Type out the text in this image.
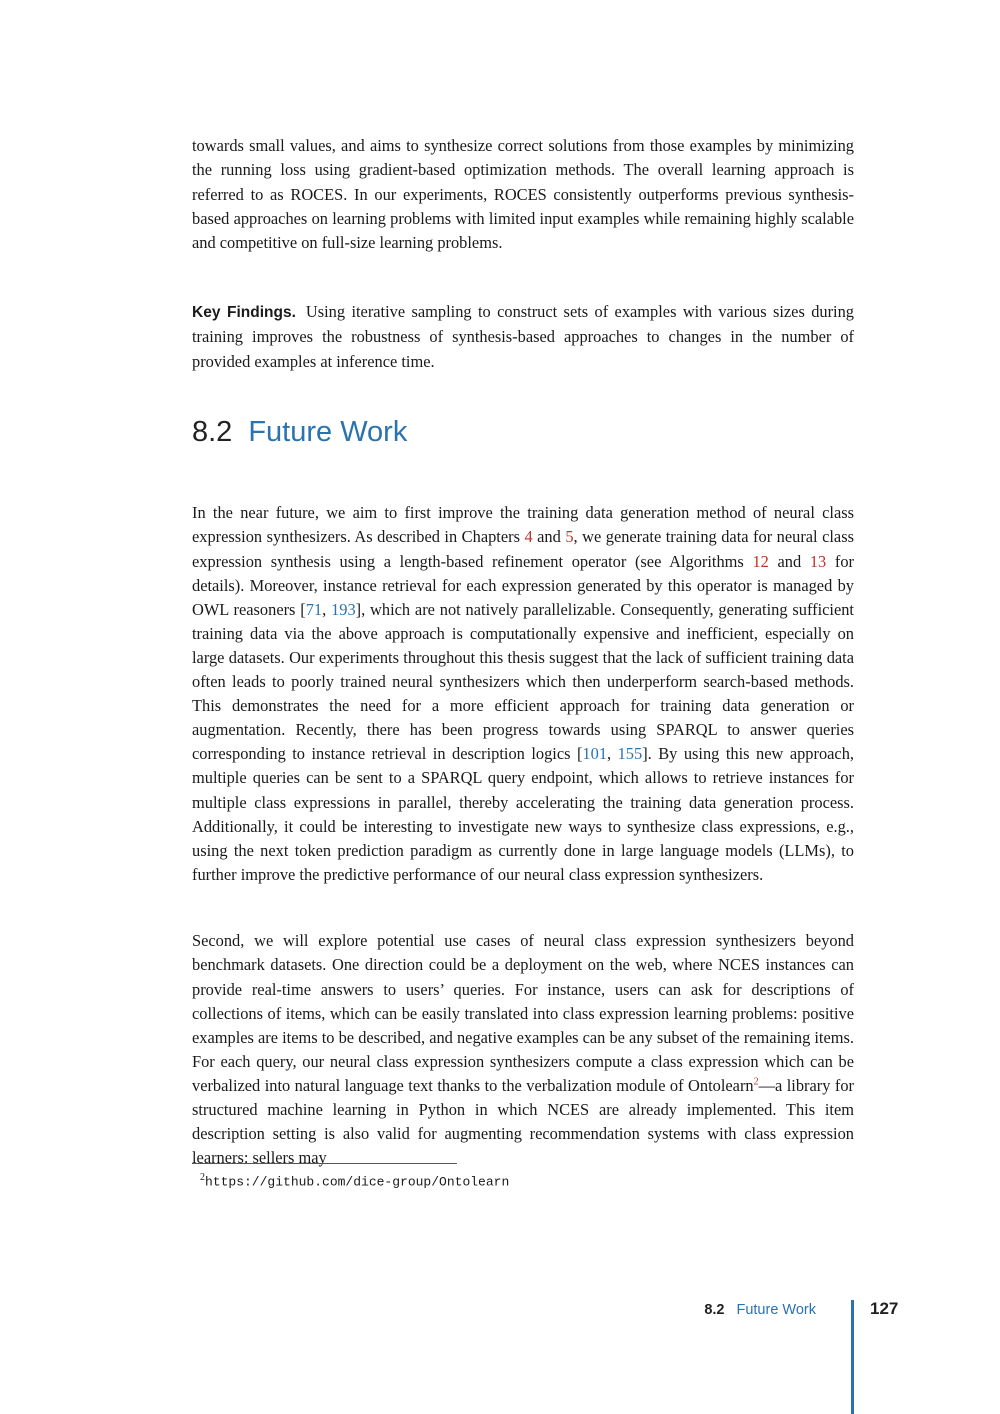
towards small values, and aims to synthesize correct solutions from those examples by minimizing the running loss using gradient-based optimization methods. The overall learning approach is referred to as ROCES. In our experiments, ROCES consistently outperforms previous synthesis-based approaches on learning problems with limited input examples while remaining highly scalable and competitive on full-size learning problems.

Key Findings. Using iterative sampling to construct sets of examples with various sizes during training improves the robustness of synthesis-based approaches to changes in the number of provided examples at inference time.

8.2 Future Work

In the near future, we aim to first improve the training data generation method of neural class expression synthesizers. As described in Chapters 4 and 5, we generate training data for neural class expression synthesis using a length-based refinement operator (see Algorithms 12 and 13 for details). Moreover, instance retrieval for each expression generated by this operator is managed by OWL reasoners [71, 193], which are not natively parallelizable. Consequently, generating sufficient training data via the above approach is computationally expensive and inefficient, especially on large datasets. Our experiments throughout this thesis suggest that the lack of sufficient training data often leads to poorly trained neural synthesizers which then underperform search-based methods. This demonstrates the need for a more efficient approach for training data generation or augmentation. Recently, there has been progress towards using SPARQL to answer queries corresponding to instance retrieval in description logics [101, 155]. By using this new approach, multiple queries can be sent to a SPARQL query endpoint, which allows to retrieve instances for multiple class expressions in parallel, thereby accelerating the training data generation process. Additionally, it could be interesting to investigate new ways to synthesize class expressions, e.g., using the next token prediction paradigm as currently done in large language models (LLMs), to further improve the predictive performance of our neural class expression synthesizers.

Second, we will explore potential use cases of neural class expression synthesizers beyond benchmark datasets. One direction could be a deployment on the web, where NCES instances can provide real-time answers to users’ queries. For instance, users can ask for descriptions of collections of items, which can be easily translated into class expression learning problems: positive examples are items to be described, and negative examples can be any subset of the remaining items. For each query, our neural class expression synthesizers compute a class expression which can be verbalized into natural language text thanks to the verbalization module of Ontolearn$^2$—a library for structured machine learning in Python in which NCES are already implemented. This item description setting is also valid for augmenting recommendation systems with class expression learners: sellers may

$^2$https://github.com/dice-group/Ontolearn
8.2 Future Work	127
